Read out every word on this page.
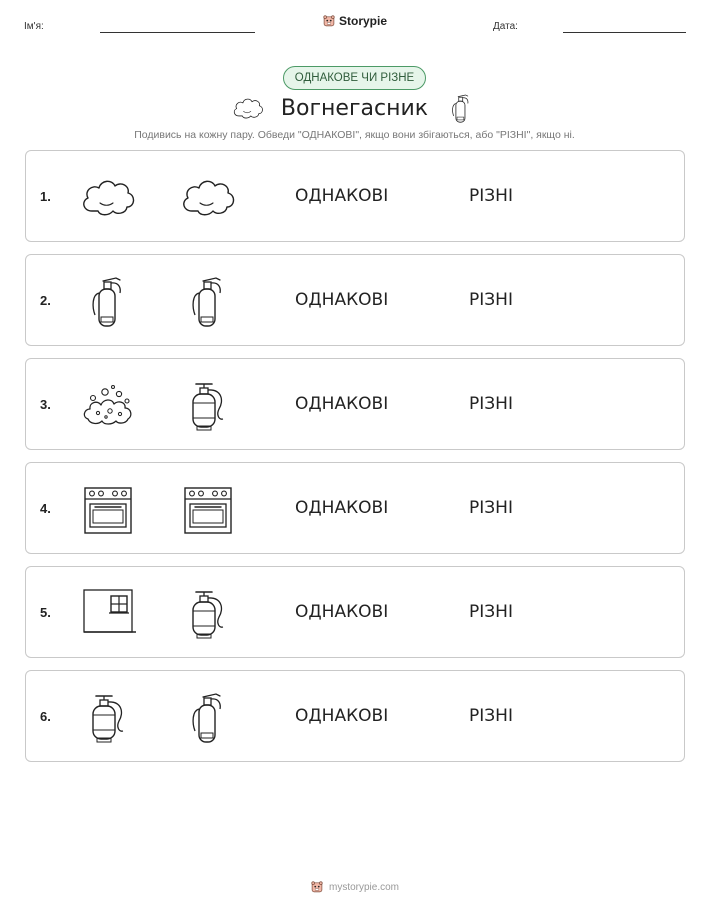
Ім'я:	Storypie	Дата:
ОДНАКОВЕ ЧИ РІЗНЕ
Вогнегасник
Подивись на кожну пару. Обведи "ОДНАКОВІ", якщо вони збігаються, або "РІЗНІ", якщо ні.
1.	ОДНАКОВІ	РІЗНІ
2.	ОДНАКОВІ	РІЗНІ
3.	ОДНАКОВІ	РІЗНІ
4.	ОДНАКОВІ	РІЗНІ
5.	ОДНАКОВІ	РІЗНІ
6.	ОДНАКОВІ	РІЗНІ
mystorypie.com
